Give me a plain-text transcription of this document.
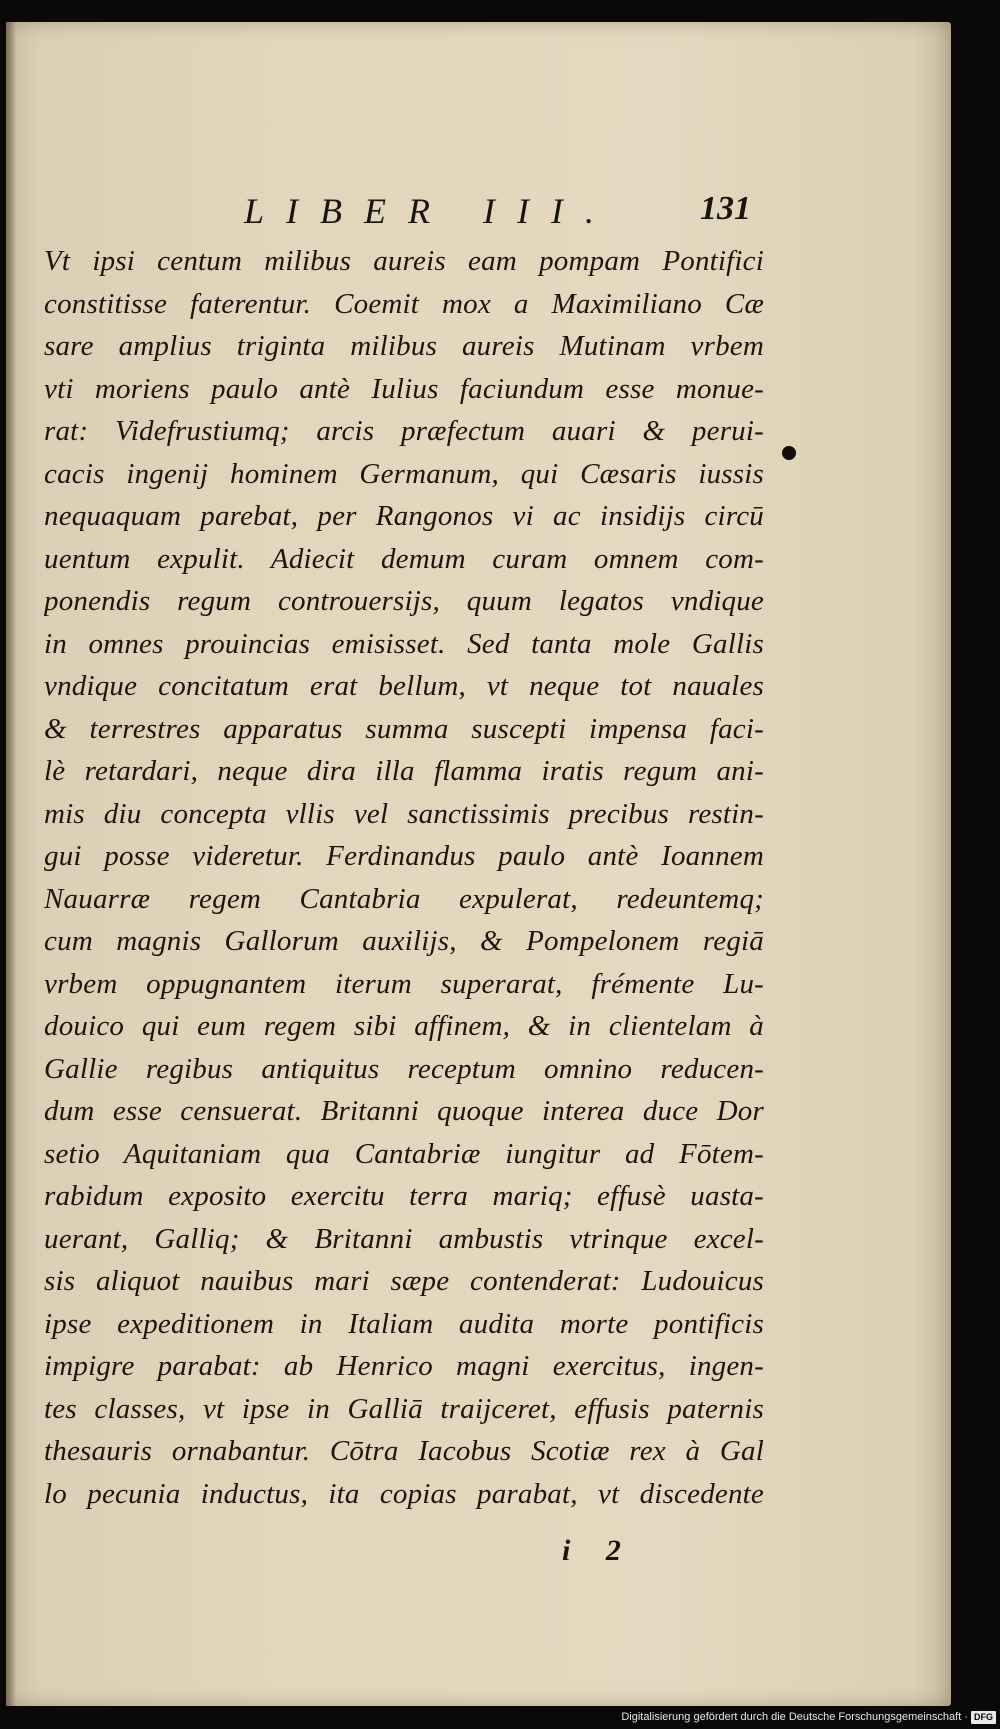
LIBER III. 131
Vt ipsi centum milibus aureis eam pompam Pontifici
constitisse faterentur. Coemit mox a Maximiliano Cæ
sare amplius triginta milibus aureis Mutinam vrbem
vti moriens paulo antè Iulius faciundum esse monue-
rat: Videfrustiumq; arcis præfectum auari & perui-
cacis ingenij hominem Germanum, qui Cæsaris iussis
nequaquam parebat, per Rangonos vi ac insidijs circū
uentum expulit. Adiecit demum curam omnem com-
ponendis regum controuersijs, quum legatos vndique
in omnes prouincias emisisset. Sed tanta mole Gallis
vndique concitatum erat bellum, vt neque tot nauales
& terrestres apparatus summa suscepti impensa faci-
lè retardari, neque dira illa flamma iratis regum ani-
mis diu concepta vllis vel sanctissimis precibus restin-
gui posse videretur. Ferdinandus paulo antè Ioannem
Nauarræ regem Cantabria expulerat, redeuntemq;
cum magnis Gallorum auxilijs, & Pompelonem regiā
vrbem oppugnantem iterum superarat, frémente Lu-
douico qui eum regem sibi affinem, & in clientelam à
Gallie regibus antiquitus receptum omnino reducen-
dum esse censuerat. Britanni quoque interea duce Dor
setio Aquitaniam qua Cantabriæ iungitur ad Fōtem-
rabidum exposito exercitu terra mariq; effusè uasta-
uerant, Galliq; & Britanni ambustis vtrinque excel-
sis aliquot nauibus mari sæpe contenderat: Ludouicus
ipse expeditionem in Italiam audita morte pontificis
impigre parabat: ab Henrico magni exercitus, ingen-
tes classes, vt ipse in Galliā traijceret, effusis paternis
thesauris ornabantur. Cōtra Iacobus Scotiæ rex à Gal
lo pecunia inductus, ita copias parabat, vt discedente
i 2
Digitalisierung gefördert durch die Deutsche Forschungsgemeinschaft · DFG
